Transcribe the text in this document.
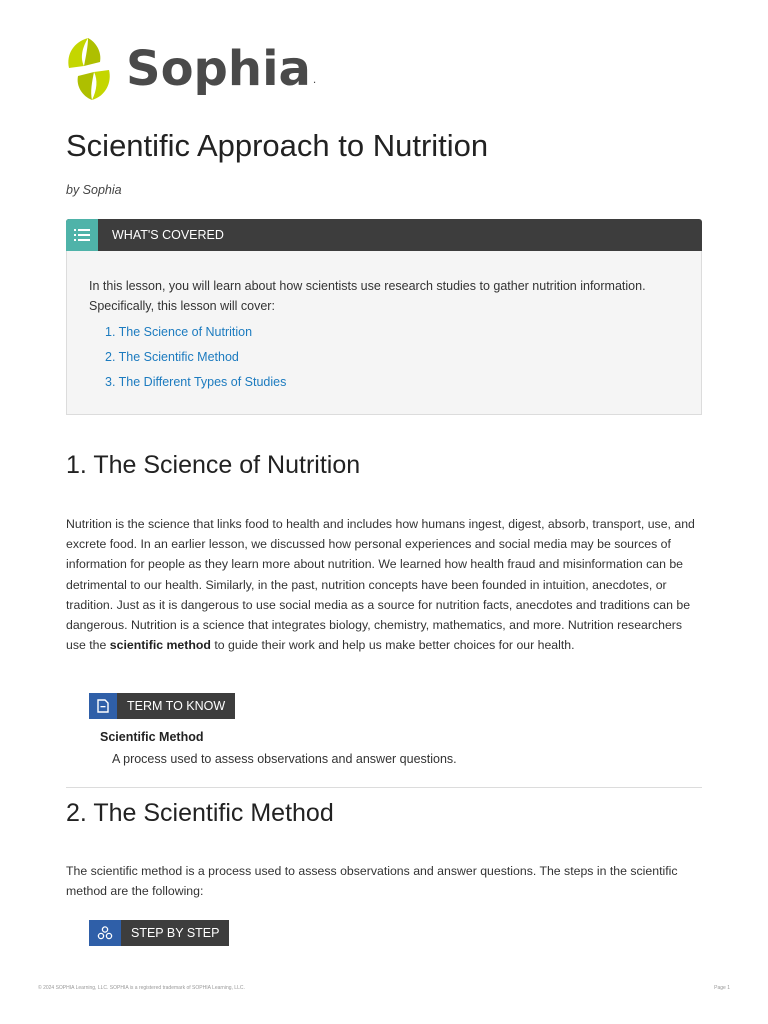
Sophia .
Scientific Approach to Nutrition
by Sophia
WHAT'S COVERED

In this lesson, you will learn about how scientists use research studies to gather nutrition information. Specifically, this lesson will cover:

1. The Science of Nutrition
2. The Scientific Method
3. The Different Types of Studies
1. The Science of Nutrition

Nutrition is the science that links food to health and includes how humans ingest, digest, absorb, transport, use, and excrete food. In an earlier lesson, we discussed how personal experiences and social media may be sources of information for people as they learn more about nutrition. We learned how health fraud and misinformation can be detrimental to our health. Similarly, in the past, nutrition concepts have been founded in intuition, anecdotes, or tradition. Just as it is dangerous to use social media as a source for nutrition facts, anecdotes and traditions can be dangerous. Nutrition is a science that integrates biology, chemistry, mathematics, and more. Nutrition researchers use the scientific method to guide their work and help us make better choices for our health.

TERM TO KNOW
Scientific Method
A process used to assess observations and answer questions.
2. The Scientific Method

The scientific method is a process used to assess observations and answer questions. The steps in the scientific method are the following:

STEP BY STEP
© 2024 SOPHIA Learning, LLC. SOPHIA is a registered trademark of SOPHIA Learning, LLC.	Page 1
